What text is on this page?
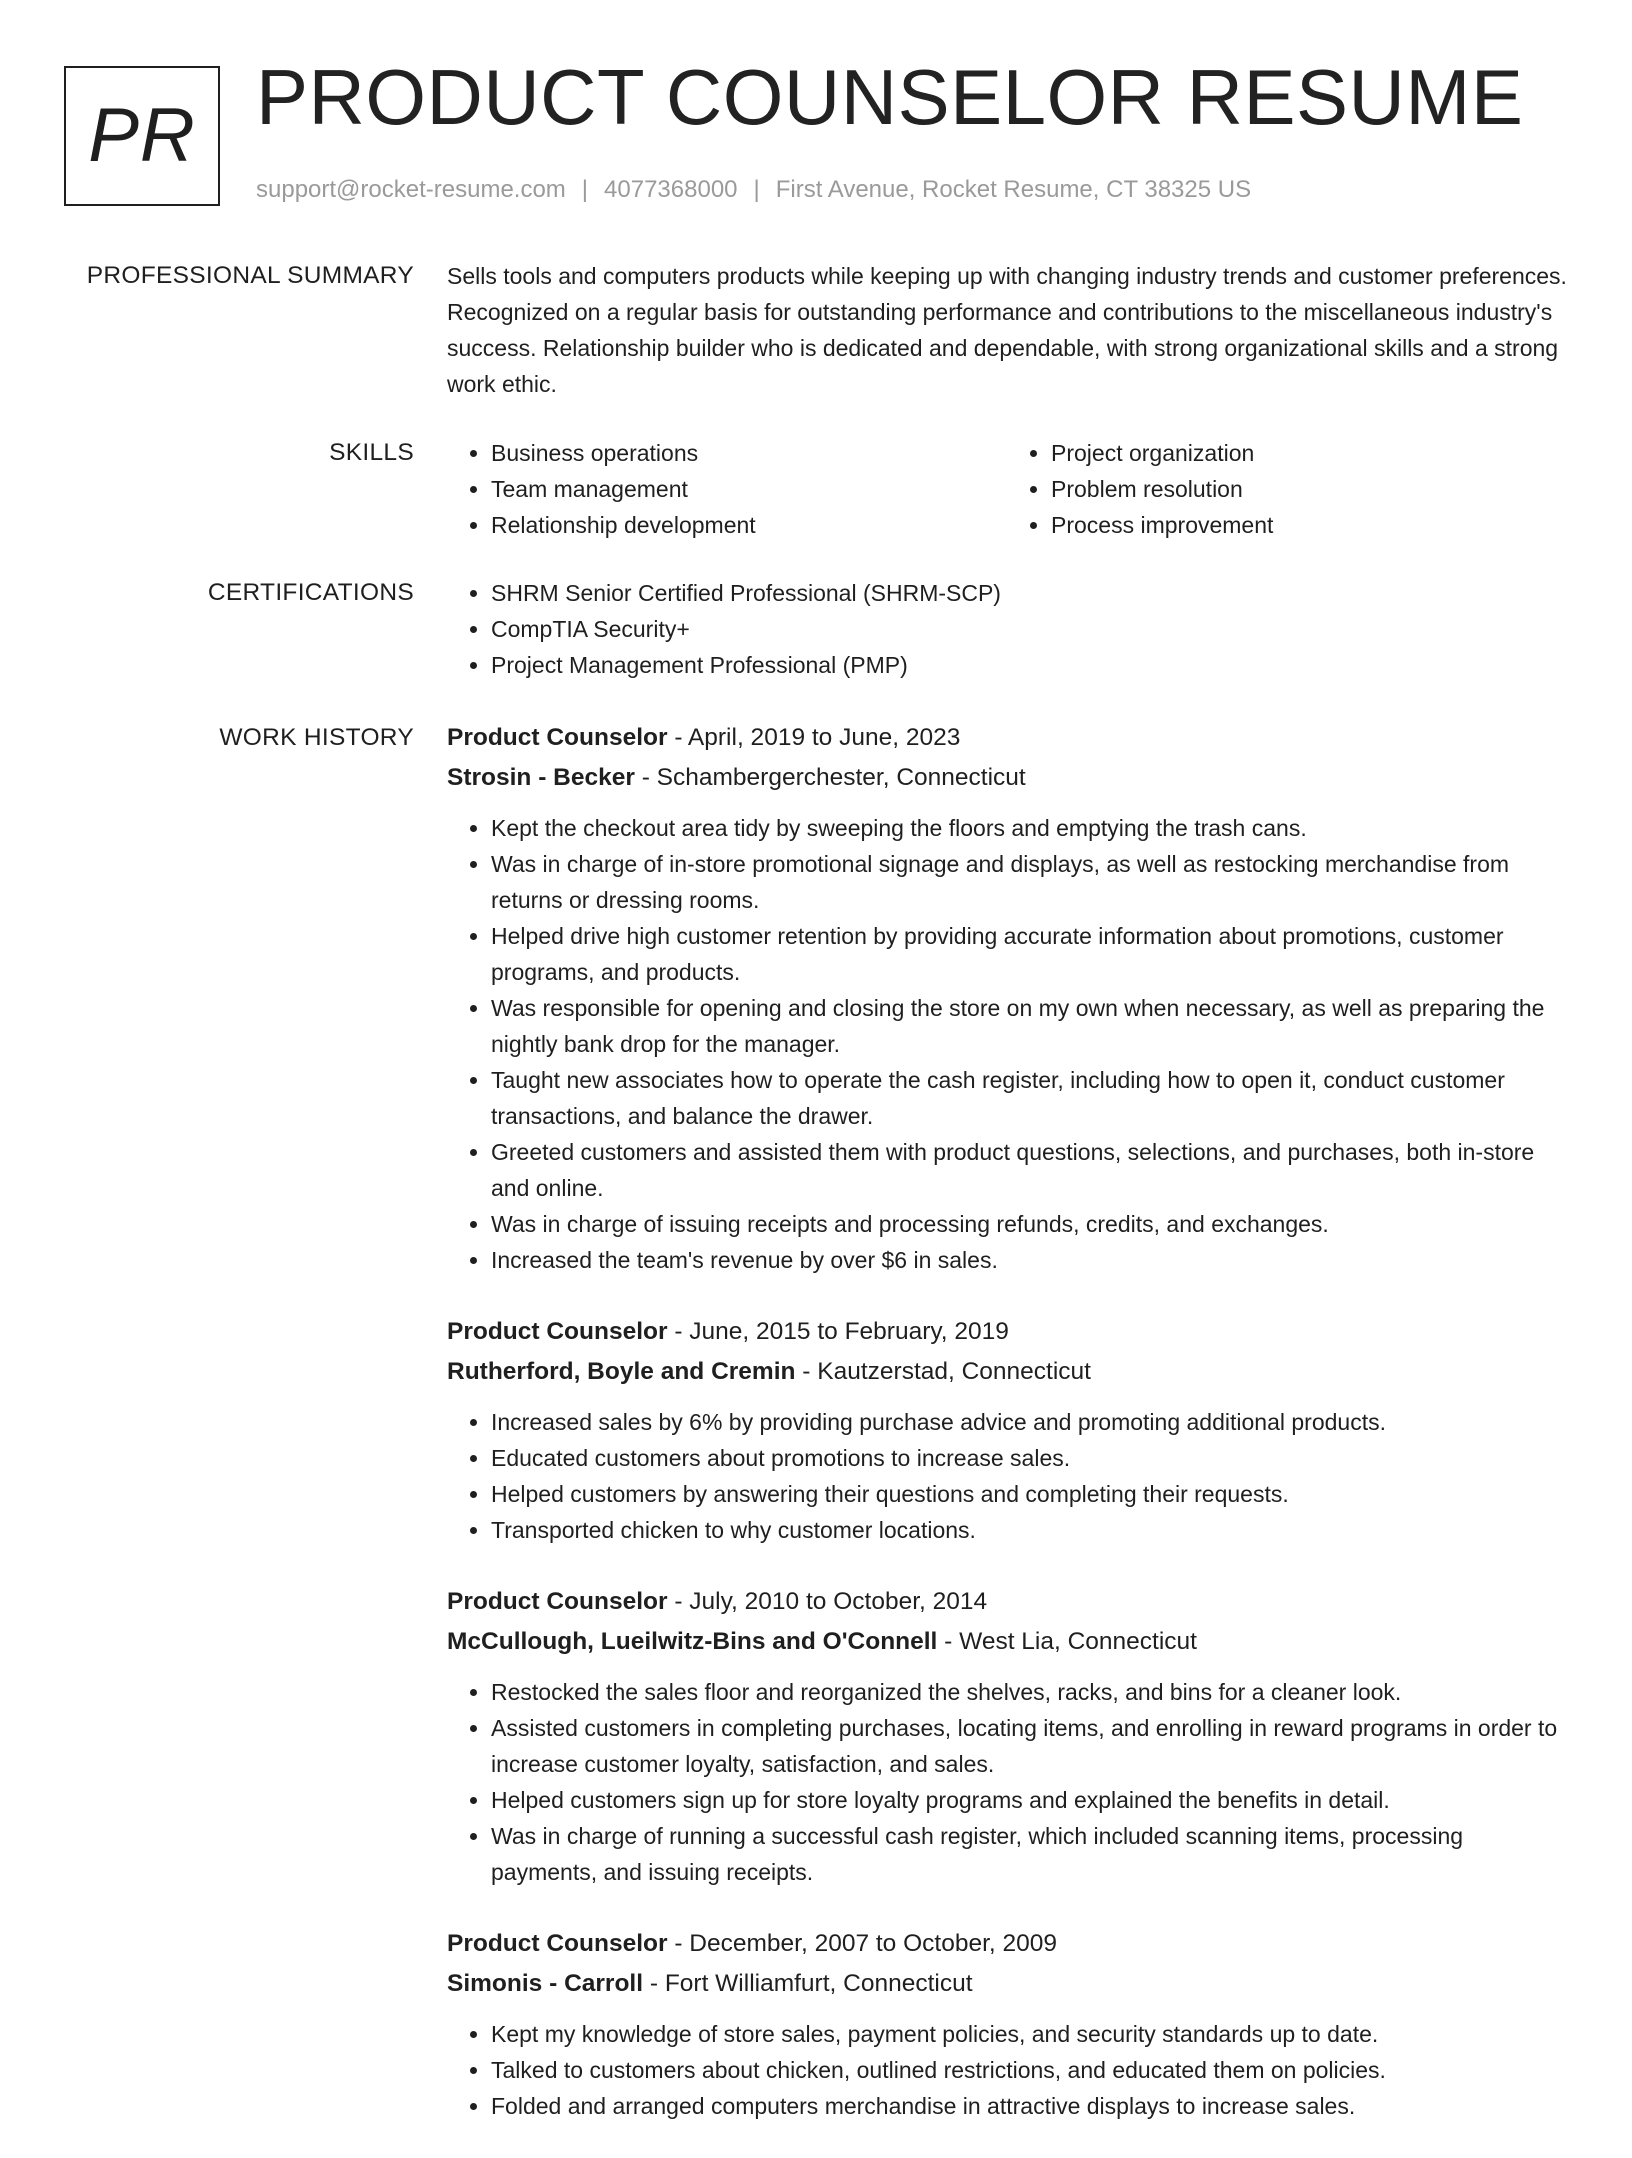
PR PRODUCT COUNSELOR RESUME
support@rocket-resume.com | 4077368000 | First Avenue, Rocket Resume, CT 38325 US
PROFESSIONAL SUMMARY Sells tools and computers products while keeping up with changing industry trends and customer preferences. Recognized on a regular basis for outstanding performance and contributions to the miscellaneous industry's success. Relationship builder who is dedicated and dependable, with strong organizational skills and a strong work ethic.

SKILLS	• Business operations
• Team management
• Relationship development
• Project organization
• Problem resolution
• Process improvement
CERTIFICATIONS	• SHRM Senior Certified Professional (SHRM-SCP)
• CompTIA Security+
• Project Management Professional (PMP)
WORK HISTORY Product Counselor - April, 2019 to June, 2023
Strosin - Becker - Schambergerchester, Connecticut
• Kept the checkout area tidy by sweeping the floors and emptying the trash cans.
• Was in charge of in-store promotional signage and displays, as well as restocking merchandise from returns or dressing rooms.
• Helped drive high customer retention by providing accurate information about promotions, customer programs, and products.
• Was responsible for opening and closing the store on my own when necessary, as well as preparing the nightly bank drop for the manager.
• Taught new associates how to operate the cash register, including how to open it, conduct customer transactions, and balance the drawer.
• Greeted customers and assisted them with product questions, selections, and purchases, both in-store and online.
• Was in charge of issuing receipts and processing refunds, credits, and exchanges.
• Increased the team's revenue by over $6 in sales.
Product Counselor - June, 2015 to February, 2019
Rutherford, Boyle and Cremin - Kautzerstad, Connecticut
• Increased sales by 6% by providing purchase advice and promoting additional products.
• Educated customers about promotions to increase sales.
• Helped customers by answering their questions and completing their requests.
• Transported chicken to why customer locations.
Product Counselor - July, 2010 to October, 2014
McCullough, Lueilwitz-Bins and O'Connell - West Lia, Connecticut
• Restocked the sales floor and reorganized the shelves, racks, and bins for a cleaner look.
• Assisted customers in completing purchases, locating items, and enrolling in reward programs in order to increase customer loyalty, satisfaction, and sales.
• Helped customers sign up for store loyalty programs and explained the benefits in detail.
• Was in charge of running a successful cash register, which included scanning items, processing payments, and issuing receipts.
Product Counselor - December, 2007 to October, 2009
Simonis - Carroll - Fort Williamfurt, Connecticut
• Kept my knowledge of store sales, payment policies, and security standards up to date.
• Talked to customers about chicken, outlined restrictions, and educated them on policies.
• Folded and arranged computers merchandise in attractive displays to increase sales.
